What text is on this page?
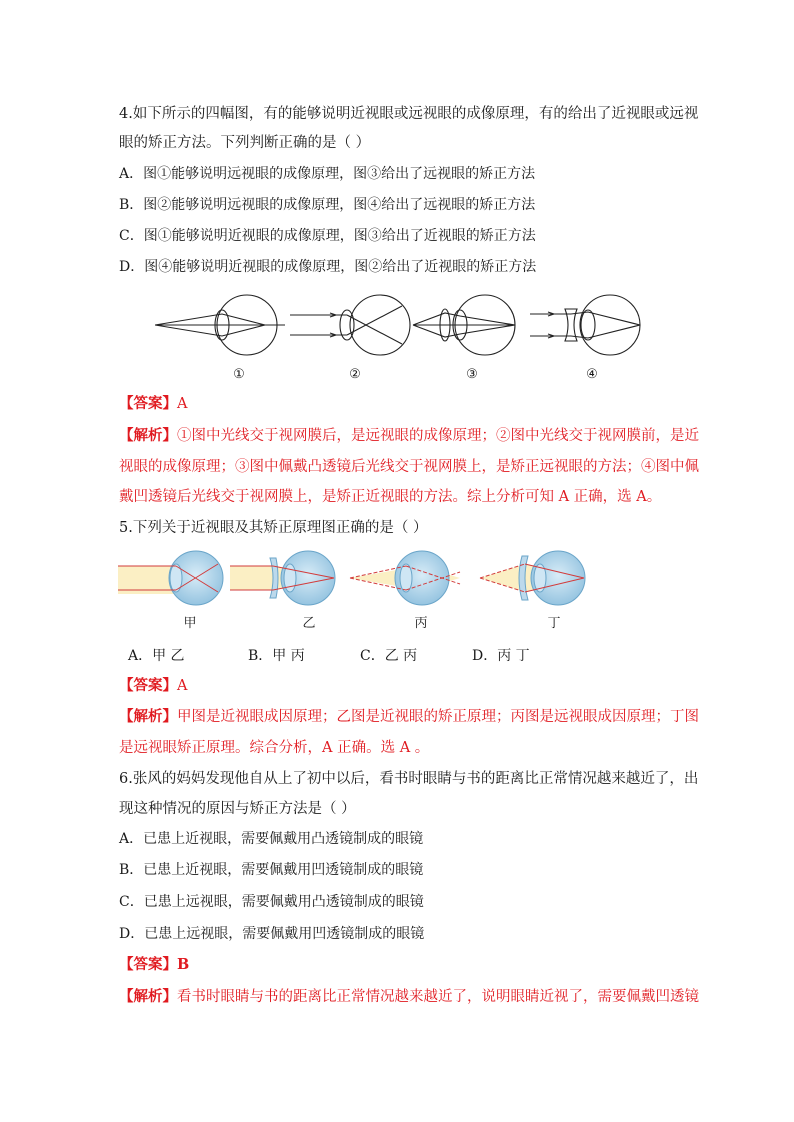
4.如下所示的四幅图，有的能够说明近视眼或远视眼的成像原理，有的给出了近视眼或远视
眼的矫正方法。下列判断正确的是（ ）
A．图①能够说明远视眼的成像原理，图③给出了远视眼的矫正方法
B．图②能够说明远视眼的成像原理，图④给出了远视眼的矫正方法
C．图①能够说明近视眼的成像原理，图③给出了近视眼的矫正方法
D．图④能够说明近视眼的成像原理，图②给出了近视眼的矫正方法
①	②	③	④
【答案】A
【解析】①图中光线交于视网膜后，是远视眼的成像原理；②图中光线交于视网膜前，是近
视眼的成像原理；③图中佩戴凸透镜后光线交于视网膜上，是矫正远视眼的方法；④图中佩
戴凹透镜后光线交于视网膜上，是矫正近视眼的方法。综上分析可知 A 正确，选 A。
5.下列关于近视眼及其矫正原理图正确的是（ ）
甲	乙	丙	丁
A．甲 乙	B．甲 丙	C．乙 丙	D．丙 丁
【答案】A
【解析】甲图是近视眼成因原理；乙图是近视眼的矫正原理；丙图是远视眼成因原理；丁图
是远视眼矫正原理。综合分析，A 正确。选 A 。
6.张风的妈妈发现他自从上了初中以后，看书时眼睛与书的距离比正常情况越来越近了，出
现这种情况的原因与矫正方法是（ ）
A．已患上近视眼，需要佩戴用凸透镜制成的眼镜
B．已患上近视眼，需要佩戴用凹透镜制成的眼镜
C．已患上远视眼，需要佩戴用凸透镜制成的眼镜
D．已患上远视眼，需要佩戴用凹透镜制成的眼镜
【答案】B
【解析】看书时眼睛与书的距离比正常情况越来越近了，说明眼睛近视了，需要佩戴凹透镜
